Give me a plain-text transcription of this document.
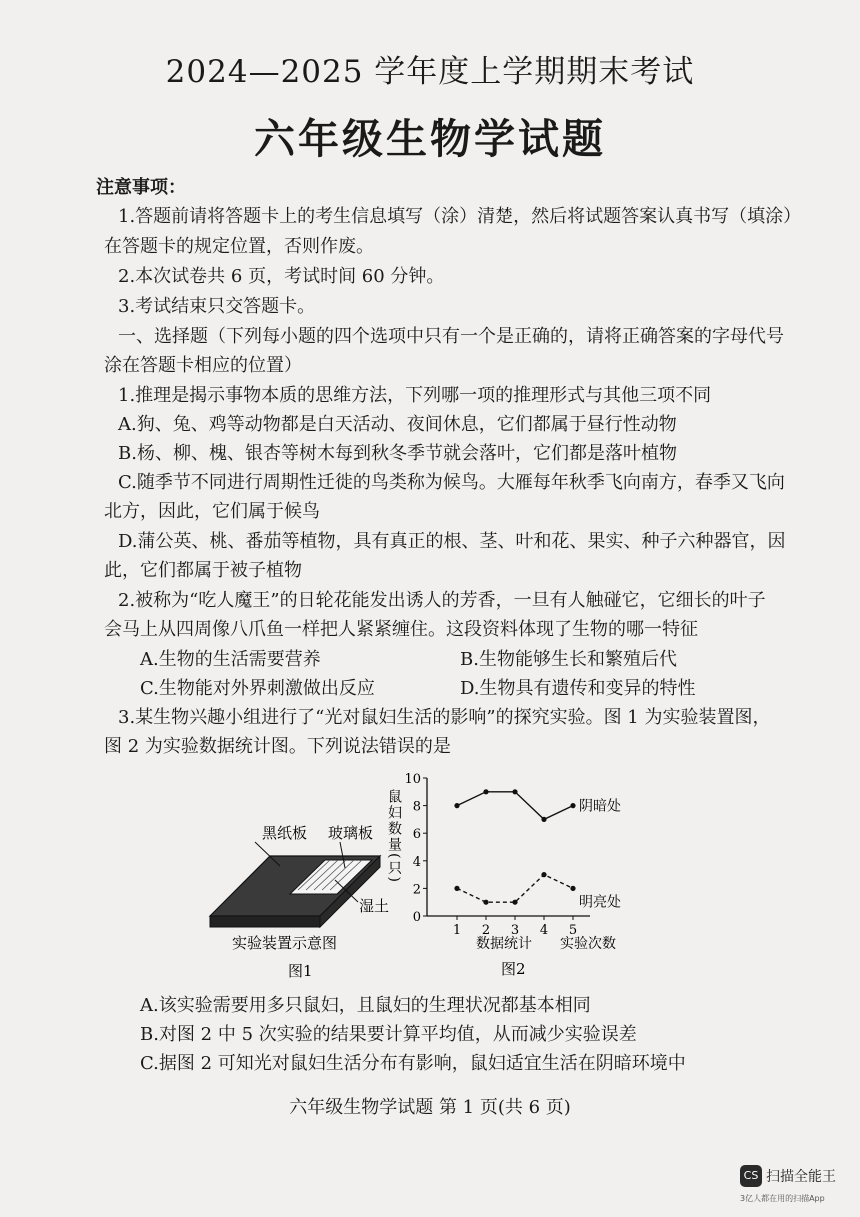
2024—2025 学年度上学期期末考试
六年级生物学试题
注意事项：
1.答题前请将答题卡上的考生信息填写（涂）清楚，然后将试题答案认真书写（填涂）
在答题卡的规定位置，否则作废。
2.本次试卷共 6 页，考试时间 60 分钟。
3.考试结束只交答题卡。
一、选择题（下列每小题的四个选项中只有一个是正确的，请将正确答案的字母代号
涂在答题卡相应的位置）
1.推理是揭示事物本质的思维方法，下列哪一项的推理形式与其他三项不同
A.狗、兔、鸡等动物都是白天活动、夜间休息，它们都属于昼行性动物
B.杨、柳、槐、银杏等树木每到秋冬季节就会落叶，它们都是落叶植物
C.随季节不同进行周期性迁徙的鸟类称为候鸟。大雁每年秋季飞向南方，春季又飞向
北方，因此，它们属于候鸟
D.蒲公英、桃、番茄等植物，具有真正的根、茎、叶和花、果实、种子六种器官，因
此，它们都属于被子植物
2.被称为“吃人魔王”的日轮花能发出诱人的芳香，一旦有人触碰它，它细长的叶子
会马上从四周像八爪鱼一样把人紧紧缠住。这段资料体现了生物的哪一特征
A.生物的生活需要营养	B.生物能够生长和繁殖后代
C.生物能对外界刺激做出反应	D.生物具有遗传和变异的特性
3.某生物兴趣小组进行了“光对鼠妇生活的影响”的探究实验。图 1 为实验装置图，
图 2 为实验数据统计图。下列说法错误的是
黑纸板 玻璃板
湿土
实验装置示意图
图1
鼠妇数量(只)
数据统计 实验次数
图2
0
2
4
6
8
10
1 2 3 4 5
阴暗处
明亮处
A.该实验需要用多只鼠妇，且鼠妇的生理状况都基本相同
B.对图 2 中 5 次实验的结果要计算平均值，从而减少实验误差
C.据图 2 可知光对鼠妇生活分布有影响，鼠妇适宜生活在阴暗环境中
六年级生物学试题 第 1 页(共 6 页)
CS 扫描全能王
3亿人都在用的扫描App
